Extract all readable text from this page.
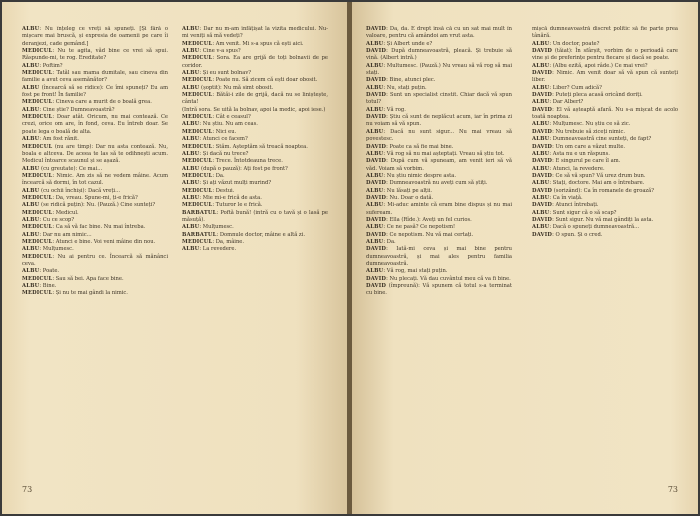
ALBU: Nu înțeleg ce vreți să spuneți. [Și fără o mișcare mai bruscă, și expresia de oamenii pe care îi deranjezi, cade gemând.]

MEDICUL: Nu te agita, văd bine ce vrei să spui. Răspunde-mi, te rog. Ereditate?

ALBU: Poftim?

MEDICUL: Tatăl sau mama dumitale, sau cineva din familie a avut ceva asemănător?

ALBU (încearcă să se ridice): Ce îmi spuneți? Eu am fost pe front! În familie?

MEDICUL: Cineva care a murit de o boală grea.

ALBU: Cine știe? Dumneavoastră?

MEDICUL: Doar atât. Oricum, nu mai contează. Ce crezi, orice om are, în fond, ceva. Eu întreb doar. Se poate lega o boală de alta.

ALBU: Am fost rănit.

MEDICUL (nu are timp): Dar nu asta contează. Nu, boala e altceva. De aceea te las să te odihnești acum. Medicul întoarce scaunul și se așază.

ALBU (cu greutate): Ce mai...

MEDICUL: Nimic. Am zis să ne vedem mâine. Acum încearcă să dormi, în tot cazul.

ALBU (cu ochii închiși): Dacă vreți...

MEDICUL: Da, vreau. Spune-mi, ți-e frică?

ALBU (se ridică puțin): Nu. (Pauză.) Cine sunteți?

MEDICUL: Medicul.

ALBU: Cu ce scop?

MEDICUL: Ca să vă fac bine. Nu mai întreba.

ALBU: Dar nu am nimic...

MEDICUL: Atunci e bine. Voi veni mâine din nou.

ALBU: Mulțumesc.

MEDICUL: Nu ai pentru ce. Încearcă să mănânci ceva.

ALBU: Poate.

MEDICUL: Sau să bei. Apa face bine.

ALBU: Bine.

MEDICUL: Și nu te mai gândi la nimic.

ALBU: Dar nu m-am înfățișat la vizita medicului. Nu-mi veniți să mă vedeți?

MEDICUL: Am venit. Mi s-a spus că ești aici.

ALBU: Cine v-a spus?

MEDICUL: Sora. Ea are grijă de toți bolnavii de pe coridor.

ALBU: Și eu sunt bolnav?

MEDICUL: Poate nu. Să zicem că ești doar obosit.

ALBU (șoptit): Nu mă simt obosit.

MEDICUL: Bătăi-i zile de grijă, dacă nu se liniștește, cânta!

(Intră sora. Se uită la bolnav, apoi la medic, apoi iese.)

MEDICUL: Cât e ceasul?

ALBU: Nu știu. Nu am ceas.

MEDICUL: Nici eu.

ALBU: Atunci ce facem?

MEDICUL: Stăm. Așteptăm să treacă noaptea.

ALBU: Și dacă nu trece?

MEDICUL: Trece. Întotdeauna trece.

ALBU (după o pauză): Ați fost pe front?

MEDICUL: Da.

ALBU: Și ați văzut mulți murind?

MEDICUL: Destui.

ALBU: Mie mi-e frică de asta.

MEDICUL: Tuturor le e frică.

BARBATUL: Poftă bună! (intră cu o tavă și o lasă pe măsuță).

ALBU: Mulțumesc.

BARBATUL: Domnule doctor, mâine e altă zi.

MEDICUL: Da, mâine.

ALBU: La revedere.

73

DAVID: Da, da. E drept însă că cu un sat mai mult în valoare, pentru că amândoi am vrut asta.

ALBU: Și Albert unde e?

DAVID: După dumneavoastră, pleacă. Și trebuie să vină. (Albert intră.)

ALBU: Multumesc. (Pauză.) Nu vreau să vă rog să mai stați.

DAVID: Bine, atunci plec.

ALBU: Nu, stați puțin.

DAVID: Sunt un specialist cinstit. Chiar dacă vă spun totul?

ALBU: Vă rog.

DAVID: Știu că sunt de neplăcut acum, iar în prima zi nu voiam să vă spun.

ALBU: Dacă nu sunt sigur... Nu mai vreau să povestesc.

DAVID: Poate ca să fie mai bine.

ALBU: Vă rog să nu mai așteptați. Vreau să știu tot.

DAVID: După cum vă spuneam, am venit ieri să vă văd. Voiam să vorbim.

ALBU: Nu știu nimic despre asta.

DAVID: Dumneavoastră nu aveți cum să știți.

ALBU: Nu lăsați pe alții.

DAVID: Nu. Doar o dată.

ALBU: Mi-aduc aminte că eram bine dispus și nu mai sufeream.

DAVID: Ella (Rîde.): Aveți un fel curios.

ALBU: Ce ne pasă? Ce nepotism!

DAVID: Ce nepotism. Nu vă mai certați.

ALBU: Da.

DAVID: Iată-mi ceva și mai bine pentru dumneavoastră, și mai ales pentru familia dumneavoastră.

ALBU: Vă rog, mai stați puțin.

DAVID: Nu plecați. Vă dau cuvântul meu că va fi bine.

DAVID (împreună): Vă spunem că totul s-a terminat cu bine.

mișcă dumneavoastră discret politic să fie parte prea tânără.

ALBU: Un doctor, poate?

DAVID (tăiat): În sfârșit, vorbim de o perioadă care vine și de preferințe pentru fiecare și dacă se poate.

ALBU: (Albu ezită, apoi râde.) Ce mai vrei?

DAVID: Nimic. Am venit doar să vă spun că sunteți liber.

ALBU: Liber? Cum adică?

DAVID: Puteți pleca acasă oricând doriți.

ALBU: Dar Albert?

DAVID: El vă așteaptă afară. Nu s-a mișcat de acolo toată noaptea.

ALBU: Mulțumesc. Nu știu ce să zic.

DAVID: Nu trebuie să ziceți nimic.

ALBU: Dumneavoastră cine sunteți, de fapt?

DAVID: Un om care a văzut multe.

ALBU: Asta nu e un răspuns.

DAVID: E singurul pe care îl am.

ALBU: Atunci, la revedere.

DAVID: Ce să vă spun? Vă urez drum bun.

ALBU: Stați, doctore. Mai am o întrebare.

DAVID (sorizând): Ca în romanele de groază?

ALBU: Ca în viață.

DAVID: Atunci întrebați.

ALBU: Sunt sigur că o să scap?

DAVID: Sunt sigur. Nu vă mai gândiți la asta.

ALBU: Dacă o spuneți dumneavoastră...

DAVID: O spun. Și o cred.

73
